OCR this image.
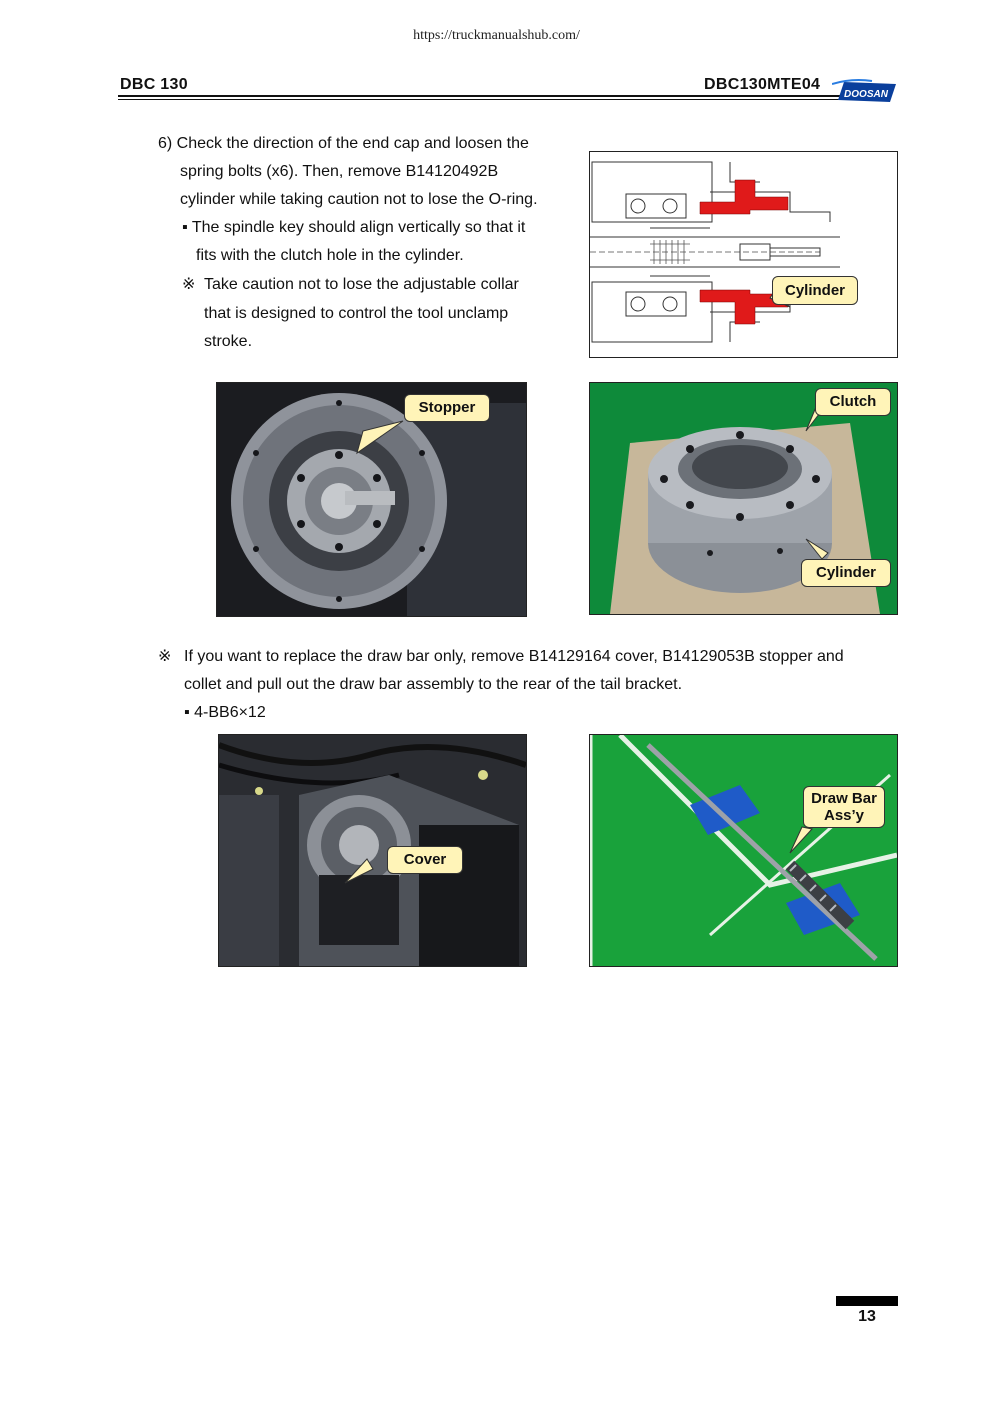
https://truckmanualshub.com/
DBC 130	DBC130MTE04
DOOSAN
6) Check the direction of the end cap and loosen the
spring bolts (x6). Then, remove B14120492B
cylinder while taking caution not to lose the O-ring.
▪ The spindle key should align vertically so that it
fits with the clutch hole in the cylinder.
※ Take caution not to lose the adjustable collar
that is designed to control the tool unclamp
stroke.
Cylinder
Stopper	Clutch
Cylinder
※ If you want to replace the draw bar only, remove B14129164 cover, B14129053B stopper and
collet and pull out the draw bar assembly to the rear of the tail bracket.
▪ 4-BB6×12
Cover
Draw Bar
Ass’y
13
